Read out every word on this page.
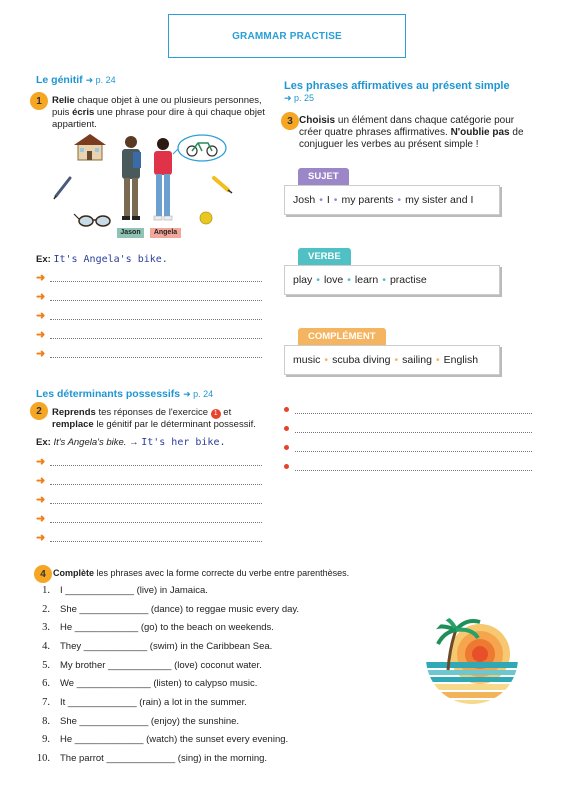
GRAMMAR PRACTISE
Le génitif ➜ p. 24
1 Relie chaque objet à une ou plusieurs personnes, puis écris une phrase pour dire à qui chaque objet appartient.
Jason	Angela
Ex: It's Angela's bike.
➜
➜
➜
➜
➜
Les déterminants possessifs ➜ p. 24
2 Reprends tes réponses de l'exercice 1 et remplace le génitif par le déterminant possessif.
Ex: It's Angela's bike. → It's her bike.
➜
➜
➜
➜
➜
Les phrases affirmatives au présent simple
➜ p. 25
3 Choisis un élément dans chaque catégorie pour créer quatre phrases affirmatives. N'oublie pas de conjuguer les verbes au présent simple !
SUJET
Josh • I • my parents • my sister and I
VERBE
play • love • learn • practise
COMPLÉMENT
music • scuba diving • sailing • English
4 Complète les phrases avec la forme correcte du verbe entre parenthèses.
1. I _____________ (live) in Jamaica.
2. She _____________ (dance) to reggae music every day.
3. He ____________ (go) to the beach on weekends.
4. They ____________ (swim) in the Caribbean Sea.
5. My brother ____________ (love) coconut water.
6. We ______________ (listen) to calypso music.
7. It _____________ (rain) a lot in the summer.
8. She _____________ (enjoy) the sunshine.
9. He _____________ (watch) the sunset every evening.
10. The parrot _____________ (sing) in the morning.
